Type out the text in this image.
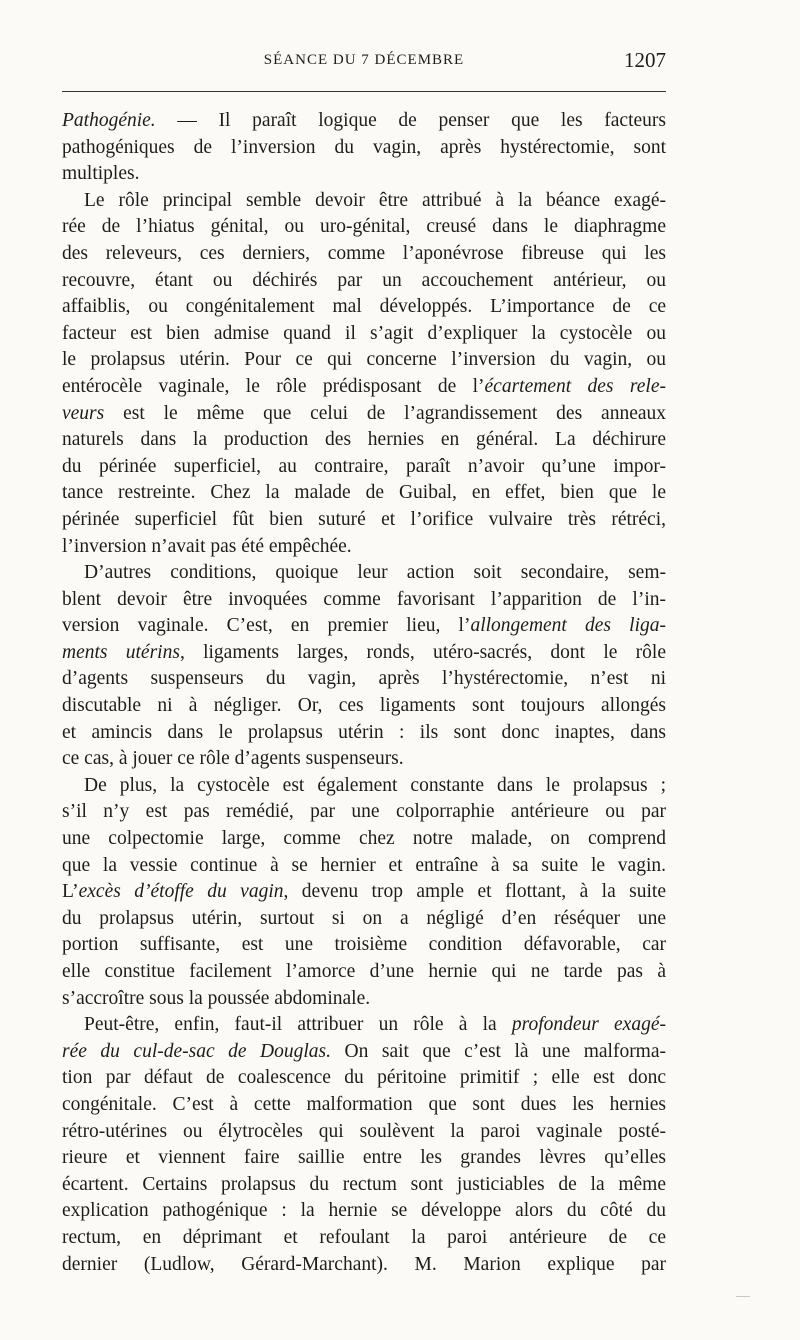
SÉANCE DU 7 DÉCEMBRE	1207
Pathogénie. — Il paraît logique de penser que les facteurs
pathogéniques de l’inversion du vagin, après hystérectomie, sont
multiples.
Le rôle principal semble devoir être attribué à la béance exagé-
rée de l’hiatus génital, ou uro-génital, creusé dans le diaphragme
des releveurs, ces derniers, comme l’aponévrose fibreuse qui les
recouvre, étant ou déchirés par un accouchement antérieur, ou
affaiblis, ou congénitalement mal développés. L’importance de ce
facteur est bien admise quand il s’agit d’expliquer la cystocèle ou
le prolapsus utérin. Pour ce qui concerne l’inversion du vagin, ou
entérocèle vaginale, le rôle prédisposant de l’écartement des rele-
veurs est le même que celui de l’agrandissement des anneaux
naturels dans la production des hernies en général. La déchirure
du périnée superficiel, au contraire, paraît n’avoir qu’une impor-
tance restreinte. Chez la malade de Guibal, en effet, bien que le
périnée superficiel fût bien suturé et l’orifice vulvaire très rétréci,
l’inversion n’avait pas été empêchée.
D’autres conditions, quoique leur action soit secondaire, sem-
blent devoir être invoquées comme favorisant l’apparition de l’in-
version vaginale. C’est, en premier lieu, l’allongement des liga-
ments utérins, ligaments larges, ronds, utéro-sacrés, dont le rôle
d’agents suspenseurs du vagin, après l’hystérectomie, n’est ni
discutable ni à négliger. Or, ces ligaments sont toujours allongés
et amincis dans le prolapsus utérin : ils sont donc inaptes, dans
ce cas, à jouer ce rôle d’agents suspenseurs.
De plus, la cystocèle est également constante dans le prolapsus ;
s’il n’y est pas remédié, par une colporraphie antérieure ou par
une colpectomie large, comme chez notre malade, on comprend
que la vessie continue à se hernier et entraîne à sa suite le vagin.
L’excès d’étoffe du vagin, devenu trop ample et flottant, à la suite
du prolapsus utérin, surtout si on a négligé d’en réséquer une
portion suffisante, est une troisième condition défavorable, car
elle constitue facilement l’amorce d’une hernie qui ne tarde pas à
s’accroître sous la poussée abdominale.
Peut-être, enfin, faut-il attribuer un rôle à la profondeur exagé-
rée du cul-de-sac de Douglas. On sait que c’est là une malforma-
tion par défaut de coalescence du péritoine primitif ; elle est donc
congénitale. C’est à cette malformation que sont dues les hernies
rétro-utérines ou élytrocèles qui soulèvent la paroi vaginale posté-
rieure et viennent faire saillie entre les grandes lèvres qu’elles
écartent. Certains prolapsus du rectum sont justiciables de la même
explication pathogénique : la hernie se développe alors du côté du
rectum, en déprimant et refoulant la paroi antérieure de ce
dernier (Ludlow, Gérard-Marchant). M. Marion explique par
